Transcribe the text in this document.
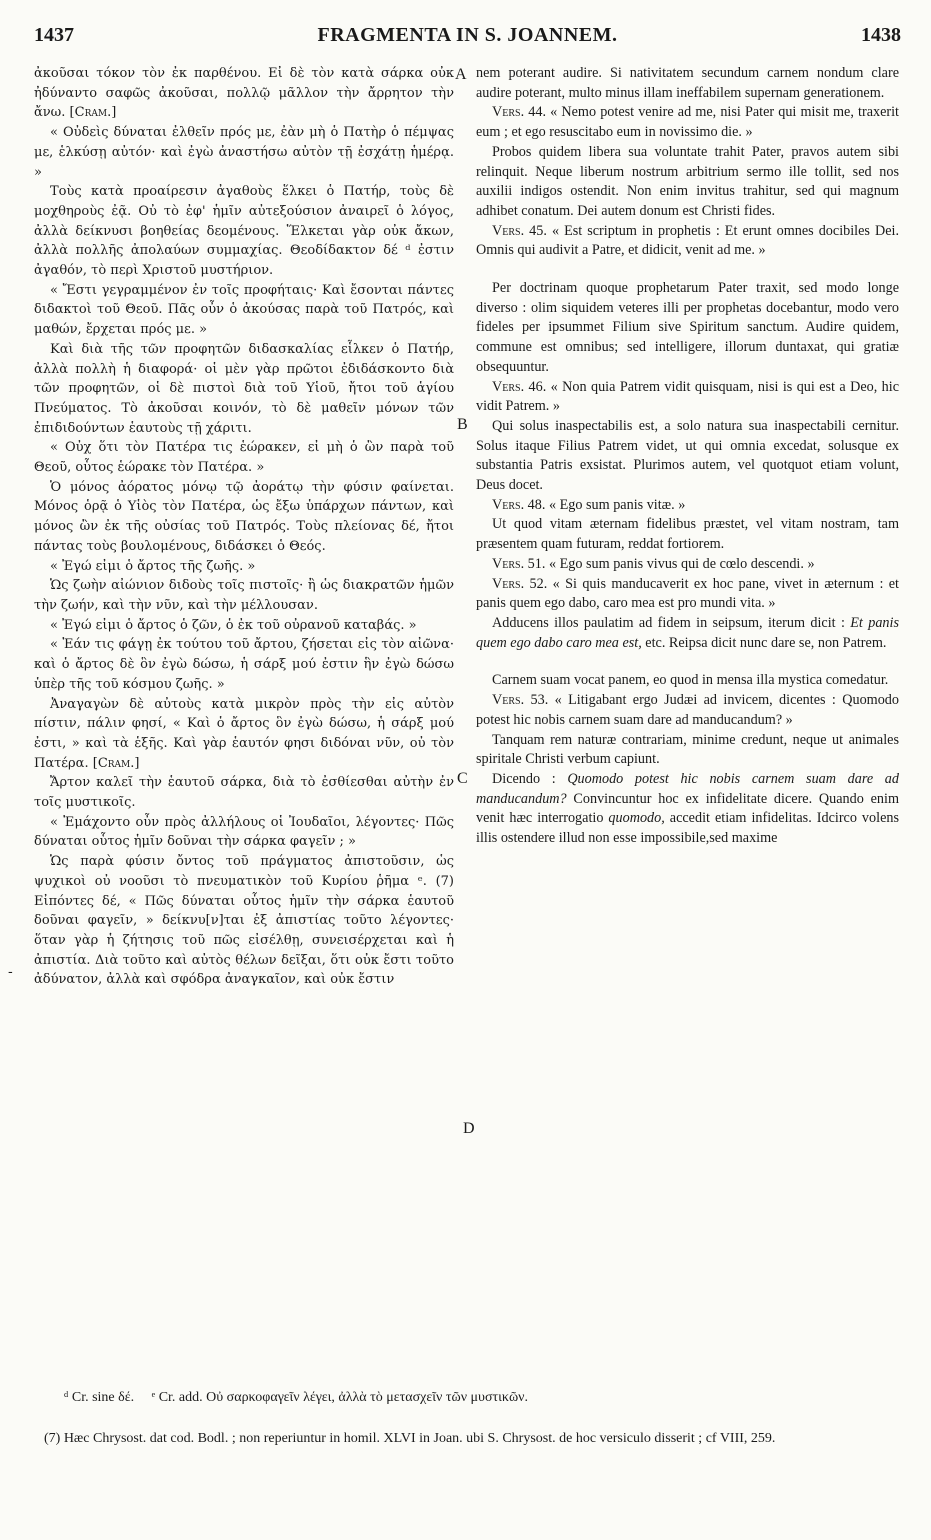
1437	FRAGMENTA IN S. JOANNEM.	1438
A
B
C
D
-

ἀκοῦσαι τόκον τὸν ἐκ παρθένου. Εἰ δὲ τὸν κατὰ σάρκα οὐκ ἠδύναντο σαφῶς ἀκοῦσαι, πολλῷ μᾶλλον τὴν ἄρρητον τὴν ἄνω. [Cram.]

« Οὐδεὶς δύναται ἐλθεῖν πρός με, ἐὰν μὴ ὁ Πατὴρ ὁ πέμψας με, ἑλκύσῃ αὐτόν· καὶ ἐγὼ ἀναστήσω αὐτὸν τῇ ἐσχάτῃ ἡμέρᾳ. »

Τοὺς κατὰ προαίρεσιν ἀγαθοὺς ἕλκει ὁ Πατήρ, τοὺς δὲ μοχθηροὺς ἐᾷ. Οὐ τὸ ἐφ' ἡμῖν αὐτεξούσιον ἀναιρεῖ ὁ λόγος, ἀλλὰ δείκνυσι βοηθείας δεομένους. Ἕλκεται γὰρ οὐκ ἄκων, ἀλλὰ πολλῆς ἀπολαύων συμμαχίας. Θεοδίδακτον δέ ᵈ ἐστιν ἀγαθόν, τὸ περὶ Χριστοῦ μυστήριον.

« Ἔστι γεγραμμένον ἐν τοῖς προφήταις· Καὶ ἔσονται πάντες διδακτοὶ τοῦ Θεοῦ. Πᾶς οὖν ὁ ἀκούσας παρὰ τοῦ Πατρός, καὶ μαθών, ἔρχεται πρός με. »

Καὶ διὰ τῆς τῶν προφητῶν διδασκαλίας εἷλκεν ὁ Πατήρ, ἀλλὰ πολλὴ ἡ διαφορά· οἱ μὲν γὰρ πρῶτοι ἐδιδάσκοντο διὰ τῶν προφητῶν, οἱ δὲ πιστοὶ διὰ τοῦ Υἱοῦ, ἤτοι τοῦ ἁγίου Πνεύματος. Τὸ ἀκοῦσαι κοινόν, τὸ δὲ μαθεῖν μόνων τῶν ἐπιδιδούντων ἑαυτοὺς τῇ χάριτι.

« Οὐχ ὅτι τὸν Πατέρα τις ἑώρακεν, εἰ μὴ ὁ ὢν παρὰ τοῦ Θεοῦ, οὗτος ἑώρακε τὸν Πατέρα. »

Ὁ μόνος ἀόρατος μόνῳ τῷ ἀοράτῳ τὴν φύσιν φαίνεται. Μόνος ὁρᾷ ὁ Υἱὸς τὸν Πατέρα, ὡς ἔξω ὑπάρχων πάντων, καὶ μόνος ὢν ἐκ τῆς οὐσίας τοῦ Πατρός. Τοὺς πλείονας δέ, ἤτοι πάντας τοὺς βουλομένους, διδάσκει ὁ Θεός.

« Ἐγώ εἰμι ὁ ἄρτος τῆς ζωῆς. »

Ὡς ζωὴν αἰώνιον διδοὺς τοῖς πιστοῖς· ἢ ὡς διακρατῶν ἡμῶν τὴν ζωήν, καὶ τὴν νῦν, καὶ τὴν μέλλουσαν.

« Ἐγώ εἰμι ὁ ἄρτος ὁ ζῶν, ὁ ἐκ τοῦ οὐρανοῦ καταβάς. »

« Ἐάν τις φάγῃ ἐκ τούτου τοῦ ἄρτου, ζήσεται εἰς τὸν αἰῶνα· καὶ ὁ ἄρτος δὲ ὃν ἐγὼ δώσω, ἡ σάρξ μού ἐστιν ἣν ἐγὼ δώσω ὑπὲρ τῆς τοῦ κόσμου ζωῆς. »

Ἀναγαγὼν δὲ αὐτοὺς κατὰ μικρὸν πρὸς τὴν εἰς αὐτὸν πίστιν, πάλιν φησί, « Καὶ ὁ ἄρτος ὃν ἐγὼ δώσω, ἡ σάρξ μού ἐστι, » καὶ τὰ ἑξῆς. Καὶ γὰρ ἑαυτόν φησι διδόναι νῦν, οὐ τὸν Πατέρα. [Cram.]

Ἄρτον καλεῖ τὴν ἑαυτοῦ σάρκα, διὰ τὸ ἐσθίεσθαι αὐτὴν ἐν τοῖς μυστικοῖς.

« Ἐμάχοντο οὖν πρὸς ἀλλήλους οἱ Ἰουδαῖοι, λέγοντες· Πῶς δύναται οὗτος ἡμῖν δοῦναι τὴν σάρκα φαγεῖν ; »

Ὡς παρὰ φύσιν ὄντος τοῦ πράγματος ἀπιστοῦσιν, ὡς ψυχικοὶ οὐ νοοῦσι τὸ πνευματικὸν τοῦ Κυρίου ῥῆμα ᵉ. (7) Εἰπόντες δέ, « Πῶς δύναται οὗτος ἡμῖν τὴν σάρκα ἑαυτοῦ δοῦναι φαγεῖν, » δείκνυ[ν]ται ἐξ ἀπιστίας τοῦτο λέγοντες· ὅταν γὰρ ἡ ζήτησις τοῦ πῶς εἰσέλθῃ, συνεισέρχεται καὶ ἡ ἀπιστία. Διὰ τοῦτο καὶ αὐτὸς θέλων δεῖξαι, ὅτι οὐκ ἔστι τοῦτο ἀδύνατον, ἀλλὰ καὶ σφόδρα ἀναγκαῖον, καὶ οὐκ ἔστιν

nem poterant audire. Si nativitatem secundum carnem nondum clare audire poterant, multo minus illam ineffabilem supernam generationem.

Vers. 44. « Nemo potest venire ad me, nisi Pater qui misit me, traxerit eum ; et ego resuscitabo eum in novissimo die. »

Probos quidem libera sua voluntate trahit Pater, pravos autem sibi relinquit. Neque liberum nostrum arbitrium sermo ille tollit, sed nos auxilii indigos ostendit. Non enim invitus trahitur, sed qui magnum adhibet conatum. Dei autem donum est Christi fides.

Vers. 45. « Est scriptum in prophetis : Et erunt omnes docibiles Dei. Omnis qui audivit a Patre, et didicit, venit ad me. »

Per doctrinam quoque prophetarum Pater traxit, sed modo longe diverso : olim siquidem veteres illi per prophetas docebantur, modo vero fideles per ipsummet Filium sive Spiritum sanctum. Audire quidem, commune est omnibus; sed intelligere, illorum duntaxat, qui gratiæ obsequuntur.

Vers. 46. « Non quia Patrem vidit quisquam, nisi is qui est a Deo, hic vidit Patrem. »

Qui solus inaspectabilis est, a solo natura sua inaspectabili cernitur. Solus itaque Filius Patrem videt, ut qui omnia excedat, solusque ex substantia Patris exsistat. Plurimos autem, vel quotquot etiam volunt, Deus docet.

Vers. 48. « Ego sum panis vitæ. »

Ut quod vitam æternam fidelibus præstet, vel vitam nostram, tam præsentem quam futuram, reddat fortiorem.

Vers. 51. « Ego sum panis vivus qui de cœlo descendi. »

Vers. 52. « Si quis manducaverit ex hoc pane, vivet in æternum : et panis quem ego dabo, caro mea est pro mundi vita. »

Adducens illos paulatim ad fidem in seipsum, iterum dicit : Et panis quem ego dabo caro mea est, etc. Reipsa dicit nunc dare se, non Patrem.

Carnem suam vocat panem, eo quod in mensa illa mystica comedatur.

Vers. 53. « Litigabant ergo Judæi ad invicem, dicentes : Quomodo potest hic nobis carnem suam dare ad manducandum? »

Tanquam rem naturæ contrariam, minime credunt, neque ut animales spiritale Christi verbum capiunt.

Dicendo : Quomodo potest hic nobis carnem suam dare ad manducandum? Convincuntur hoc ex infidelitate dicere. Quando enim venit hæc interrogatio quomodo, accedit etiam infidelitas. Idcirco volens illis ostendere illud non esse impossibile,sed maxime

ᵈ Cr. sine δέ. ᵉ Cr. add. Οὐ σαρκοφαγεῖν λέγει, ἀλλὰ τὸ μετασχεῖν τῶν μυστικῶν.
(7) Hæc Chrysost. dat cod. Bodl. ; non reperiuntur in homil. XLVI in Joan. ubi S. Chrysost. de hoc versiculo disserit ; cf VIII, 259.
